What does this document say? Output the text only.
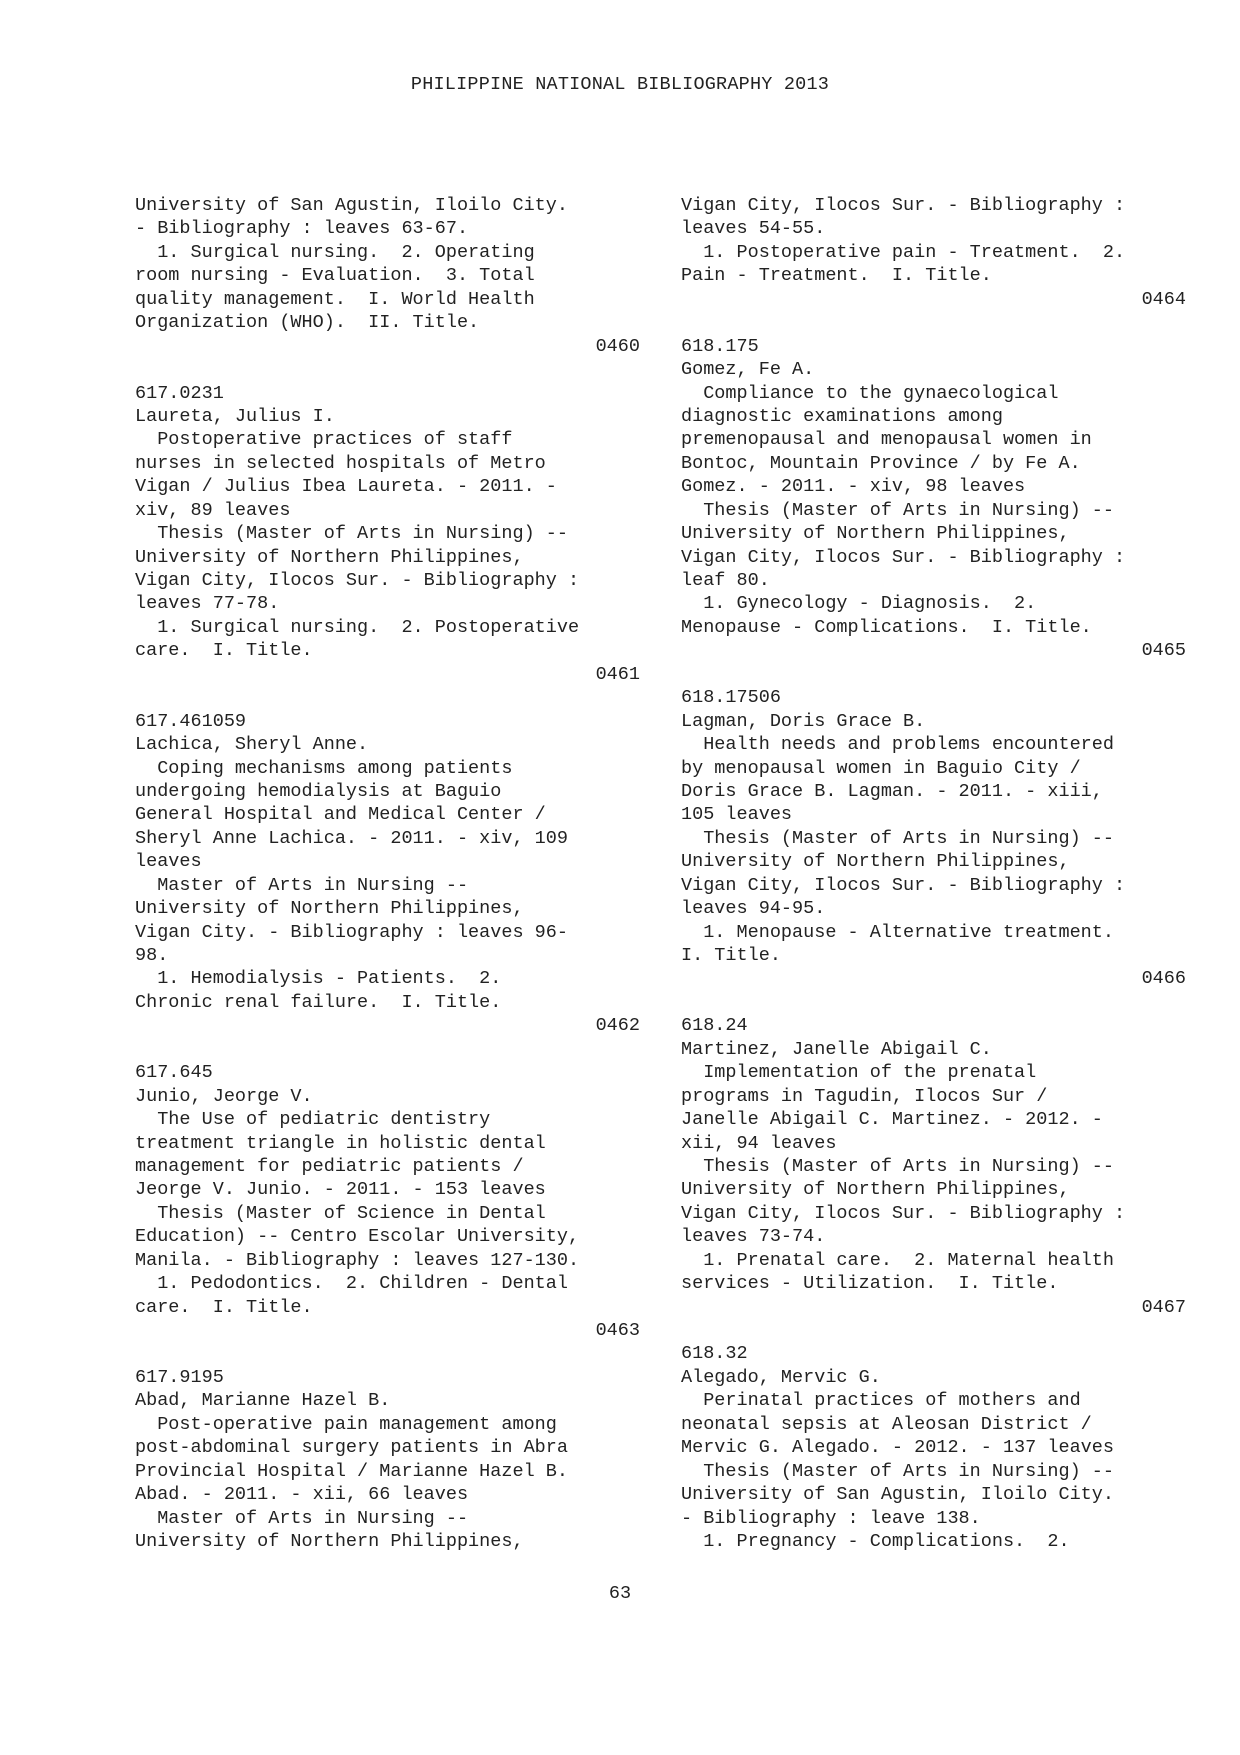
PHILIPPINE NATIONAL BIBLIOGRAPHY 2013
University of San Agustin, Iloilo City.
- Bibliography : leaves 63-67.
1. Surgical nursing.  2. Operating
room nursing - Evaluation.  3. Total
quality management.  I. World Health
Organization (WHO).  II. Title.
0460
617.0231
Laureta, Julius I.
Postoperative practices of staff
nurses in selected hospitals of Metro
Vigan / Julius Ibea Laureta. - 2011. -
xiv, 89 leaves
Thesis (Master of Arts in Nursing) --
University of Northern Philippines,
Vigan City, Ilocos Sur. - Bibliography :
leaves 77-78.
1. Surgical nursing.  2. Postoperative
care.  I. Title.
0461
617.461059
Lachica, Sheryl Anne.
Coping mechanisms among patients
undergoing hemodialysis at Baguio
General Hospital and Medical Center /
Sheryl Anne Lachica. - 2011. - xiv, 109
leaves
Master of Arts in Nursing --
University of Northern Philippines,
Vigan City. - Bibliography : leaves 96-
98.
1. Hemodialysis - Patients.  2.
Chronic renal failure.  I. Title.
0462
617.645
Junio, Jeorge V.
The Use of pediatric dentistry
treatment triangle in holistic dental
management for pediatric patients /
Jeorge V. Junio. - 2011. - 153 leaves
Thesis (Master of Science in Dental
Education) -- Centro Escolar University,
Manila. - Bibliography : leaves 127-130.
1. Pedodontics.  2. Children - Dental
care.  I. Title.
0463
617.9195
Abad, Marianne Hazel B.
Post-operative pain management among
post-abdominal surgery patients in Abra
Provincial Hospital / Marianne Hazel B.
Abad. - 2011. - xii, 66 leaves
Master of Arts in Nursing --
University of Northern Philippines,
Vigan City, Ilocos Sur. - Bibliography :
leaves 54-55.
1. Postoperative pain - Treatment.  2.
Pain - Treatment.  I. Title.
0464
618.175
Gomez, Fe A.
Compliance to the gynaecological
diagnostic examinations among
premenopausal and menopausal women in
Bontoc, Mountain Province / by Fe A.
Gomez. - 2011. - xiv, 98 leaves
Thesis (Master of Arts in Nursing) --
University of Northern Philippines,
Vigan City, Ilocos Sur. - Bibliography :
leaf 80.
1. Gynecology - Diagnosis.  2.
Menopause - Complications.  I. Title.
0465
618.17506
Lagman, Doris Grace B.
Health needs and problems encountered
by menopausal women in Baguio City /
Doris Grace B. Lagman. - 2011. - xiii,
105 leaves
Thesis (Master of Arts in Nursing) --
University of Northern Philippines,
Vigan City, Ilocos Sur. - Bibliography :
leaves 94-95.
1. Menopause - Alternative treatment.
I. Title.
0466
618.24
Martinez, Janelle Abigail C.
Implementation of the prenatal
programs in Tagudin, Ilocos Sur /
Janelle Abigail C. Martinez. - 2012. -
xii, 94 leaves
Thesis (Master of Arts in Nursing) --
University of Northern Philippines,
Vigan City, Ilocos Sur. - Bibliography :
leaves 73-74.
1. Prenatal care.  2. Maternal health
services - Utilization.  I. Title.
0467
618.32
Alegado, Mervic G.
Perinatal practices of mothers and
neonatal sepsis at Aleosan District /
Mervic G. Alegado. - 2012. - 137 leaves
Thesis (Master of Arts in Nursing) --
University of San Agustin, Iloilo City.
- Bibliography : leave 138.
1. Pregnancy - Complications.  2.
63
